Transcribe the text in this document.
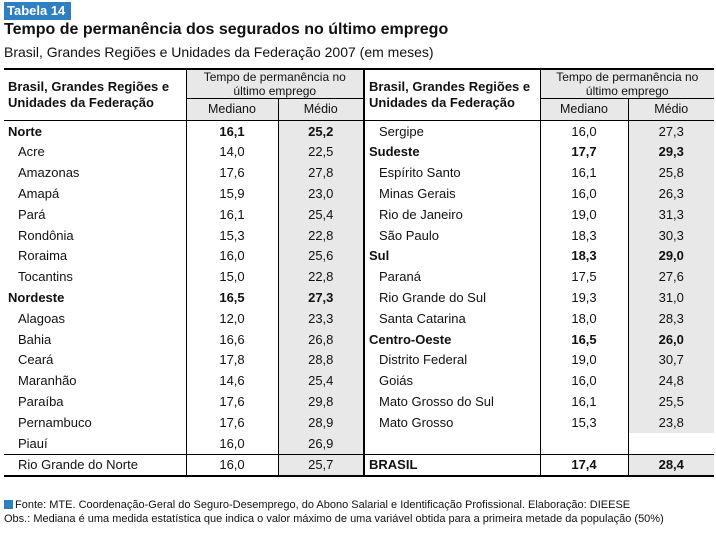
Tabela 14
Tempo de permanência dos segurados no último emprego
Brasil, Grandes Regiões e Unidades da Federação 2007 (em meses)
Brasil, Grandes Regiões e Unidades da Federação	Tempo de permanência no último emprego		Brasil, Grandes Regiões e Unidades da Federação	Tempo de permanência no último emprego	
	Mediano	Médio		Mediano	Médio
Norte	16,1	25,2	Sergipe	16,0	27,3
Acre	14,0	22,5	Sudeste	17,7	29,3
Amazonas	17,6	27,8	Espírito Santo	16,1	25,8
Amapá	15,9	23,0	Minas Gerais	16,0	26,3
Pará	16,1	25,4	Rio de Janeiro	19,0	31,3
Rondônia	15,3	22,8	São Paulo	18,3	30,3
Roraima	16,0	25,6	Sul	18,3	29,0
Tocantins	15,0	22,8	Paraná	17,5	27,6
Nordeste	16,5	27,3	Rio Grande do Sul	19,3	31,0
Alagoas	12,0	23,3	Santa Catarina	18,0	28,3
Bahia	16,6	26,8	Centro-Oeste	16,5	26,0
Ceará	17,8	28,8	Distrito Federal	19,0	30,7
Maranhão	14,6	25,4	Goiás	16,0	24,8
Paraíba	17,6	29,8	Mato Grosso do Sul	16,1	25,5
Pernambuco	17,6	28,9	Mato Grosso	15,3	23,8
Piauí	16,0	26,9			
Rio Grande do Norte	16,0	25,7	BRASIL	17,4	28,4
Fonte: MTE. Coordenação-Geral do Seguro-Desemprego, do Abono Salarial e Identificação Profissional. Elaboração: DIEESE
Obs.: Mediana é uma medida estatística que indica o valor máximo de uma variável obtida para a primeira metade da população (50%)
